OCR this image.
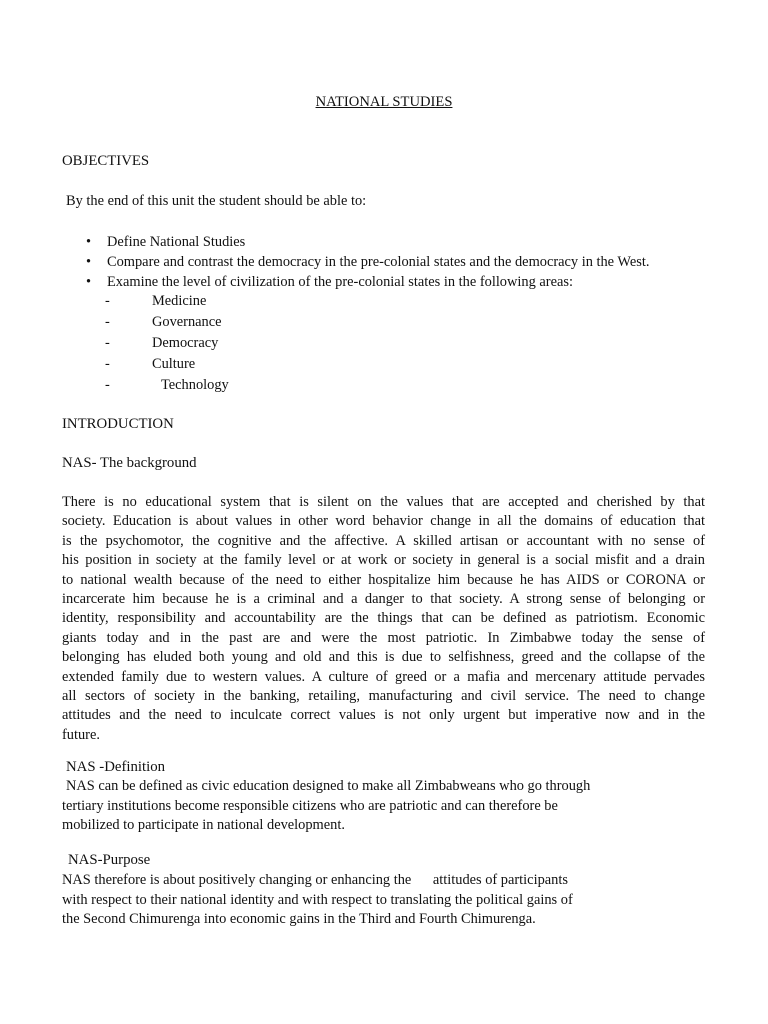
NATIONAL STUDIES
OBJECTIVES
By the end of this unit the student should be able to:
• Define National Studies
• Compare and contrast the democracy in the pre-colonial states and the democracy in the West.
• Examine the level of civilization of the pre-colonial states in the following areas:
-	Medicine
-	Governance
-	Democracy
-	Culture
-	Technology
INTRODUCTION
NAS- The background
There is no educational system that is silent on the values that are accepted and cherished by that
society. Education is about values in other word behavior change in all the domains of education that
is the psychomotor, the cognitive and the affective. A skilled artisan or accountant with no sense of
his position in society at the family level or at work or society in general is a social misfit and a drain
to national wealth because of the need to either hospitalize him because he has AIDS or CORONA or
incarcerate him because he is a criminal and a danger to that society. A strong sense of belonging or
identity, responsibility and accountability are the things that can be defined as patriotism. Economic
giants today and in the past are and were the most patriotic. In Zimbabwe today the sense of
belonging has eluded both young and old and this is due to selfishness, greed and the collapse of the
extended family due to western values. A culture of greed or a mafia and mercenary attitude pervades
all sectors of society in the banking, retailing, manufacturing and civil service. The need to change
attitudes and the need to inculcate correct values is not only urgent but imperative now and in the
future.
NAS -Definition
NAS can be defined as civic education designed to make all Zimbabweans who go through
tertiary institutions become responsible citizens who are patriotic and can therefore be
mobilized to participate in national development.
NAS-Purpose
NAS therefore is about positively changing or enhancing the      attitudes of participants
with respect to their national identity and with respect to translating the political gains of
the Second Chimurenga into economic gains in the Third and Fourth Chimurenga.
